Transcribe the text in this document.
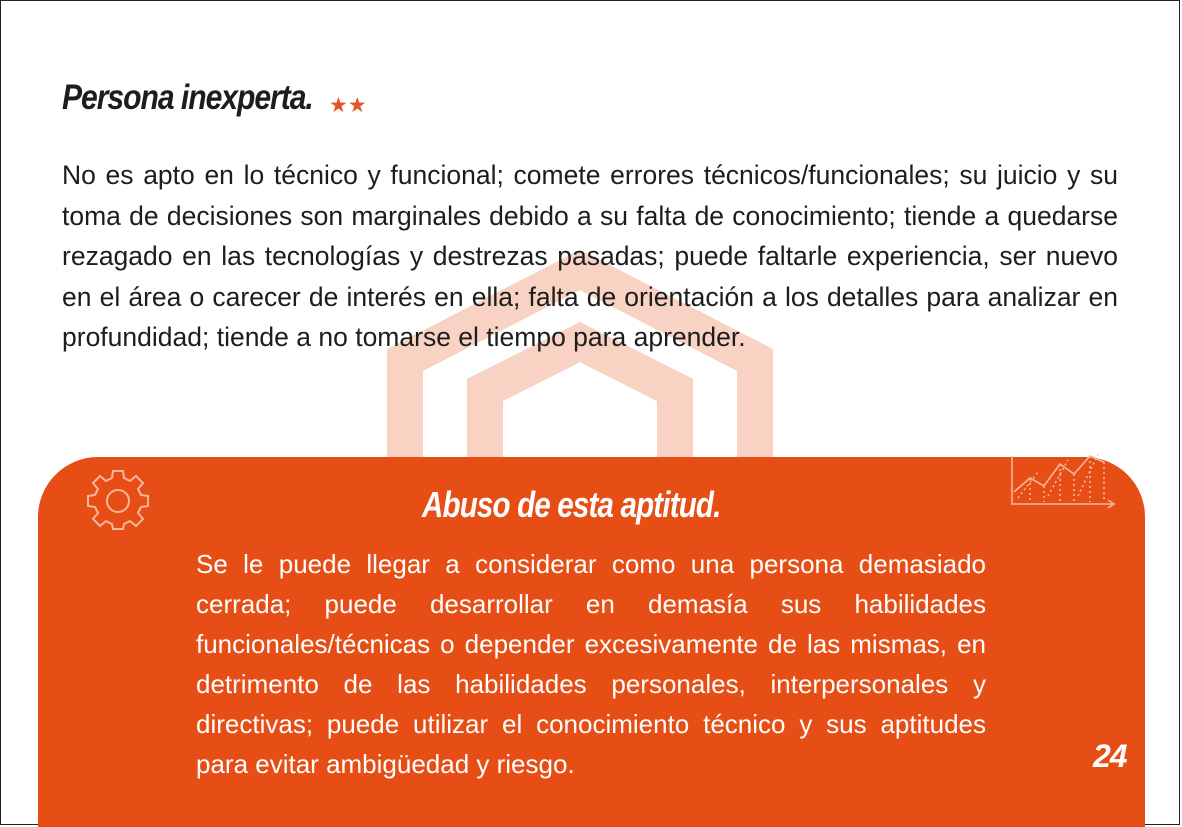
Persona inexperta. ★★

No es apto en lo técnico y funcional; comete errores técnicos/funcionales; su juicio y su toma de decisiones son marginales debido a su falta de conocimiento; tiende a quedarse rezagado en las tecnologías y destrezas pasadas; puede faltarle experiencia, ser nuevo en el área o carecer de interés en ella; falta de orientación a los detalles para analizar en profundidad; tiende a no tomarse el tiempo para aprender.

Abuso de esta aptitud.

Se le puede llegar a considerar como una persona demasiado cerrada; puede desarrollar en demasía sus habilidades funcionales/técnicas o depender excesivamente de las mismas, en detrimento de las habilidades personales, interpersonales y directivas; puede utilizar el conocimiento técnico y sus aptitudes para evitar ambigüedad y riesgo.	24
